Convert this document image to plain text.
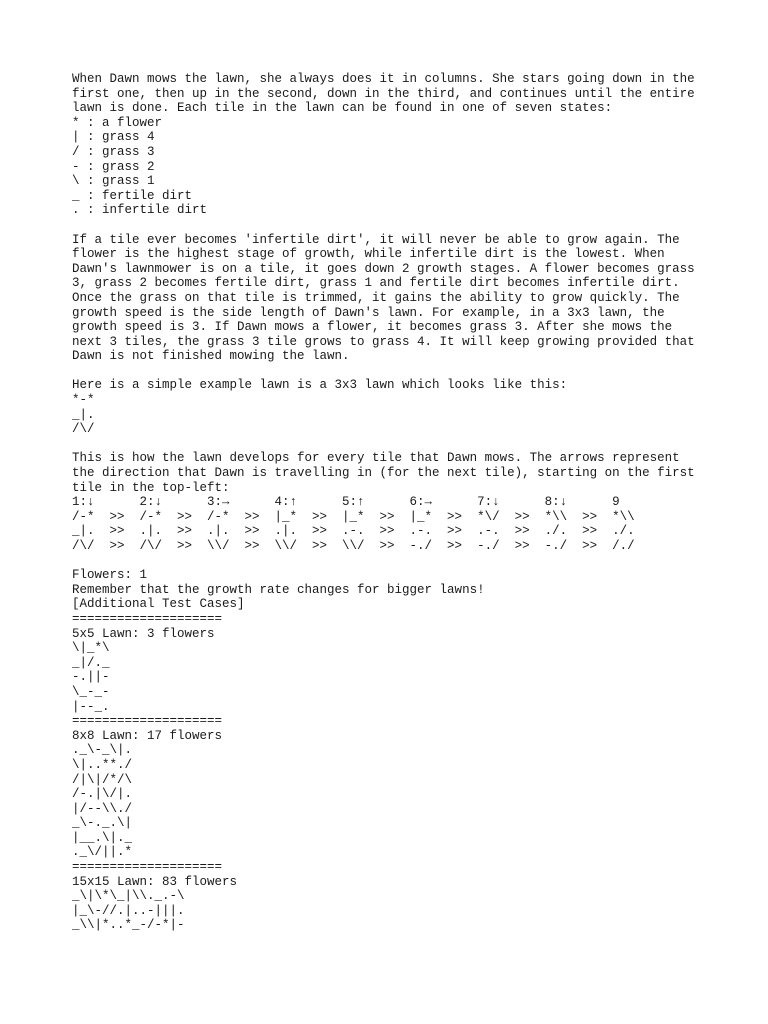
When Dawn mows the lawn, she always does it in columns. She stars going down in the
first one, then up in the second, down in the third, and continues until the entire
lawn is done. Each tile in the lawn can be found in one of seven states:
* : a flower
| : grass 4
/ : grass 3
- : grass 2
\ : grass 1
_ : fertile dirt
. : infertile dirt
If a tile ever becomes 'infertile dirt', it will never be able to grow again. The
flower is the highest stage of growth, while infertile dirt is the lowest. When
Dawn's lawnmower is on a tile, it goes down 2 growth stages. A flower becomes grass
3, grass 2 becomes fertile dirt, grass 1 and fertile dirt becomes infertile dirt.
Once the grass on that tile is trimmed, it gains the ability to grow quickly. The
growth speed is the side length of Dawn's lawn. For example, in a 3x3 lawn, the
growth speed is 3. If Dawn mows a flower, it becomes grass 3. After she mows the
next 3 tiles, the grass 3 tile grows to grass 4. It will keep growing provided that
Dawn is not finished mowing the lawn.
Here is a simple example lawn is a 3x3 lawn which looks like this:
*-*
_|.
/\/
This is how the lawn develops for every tile that Dawn mows. The arrows represent
the direction that Dawn is travelling in (for the next tile), starting on the first
tile in the top-left:
1:↓      2:↓      3:→      4:↑      5:↑      6:→      7:↓      8:↓      9
/-*  >>  /-*  >>  /-*  >>  |_*  >>  |_*  >>  |_*  >>  *\/  >>  *\\  >>  *\\
_|.  >>  .|.  >>  .|.  >>  .|.  >>  .-.  >>  .-.  >>  .-.  >>  ./.  >>  ./.
/\/  >>  /\/  >>  \\/  >>  \\/  >>  \\/  >>  -./  >>  -./  >>  -./  >>  /./
Flowers: 1
Remember that the growth rate changes for bigger lawns!
[Additional Test Cases]
====================
5x5 Lawn: 3 flowers
\|_*\
_|/._
-.||-
\_-_-
|--_.
====================
8x8 Lawn: 17 flowers
._\-_\|.
\|..**./
/|\|/*/\
/-.|\/|.
|/--\\./
_\-._.\|
|__.\|._
._\/||.*
====================
15x15 Lawn: 83 flowers
_\|\*\_|\\._.-\
|_\-//.|..-|||.
_\\|*..*_-/-*|-
